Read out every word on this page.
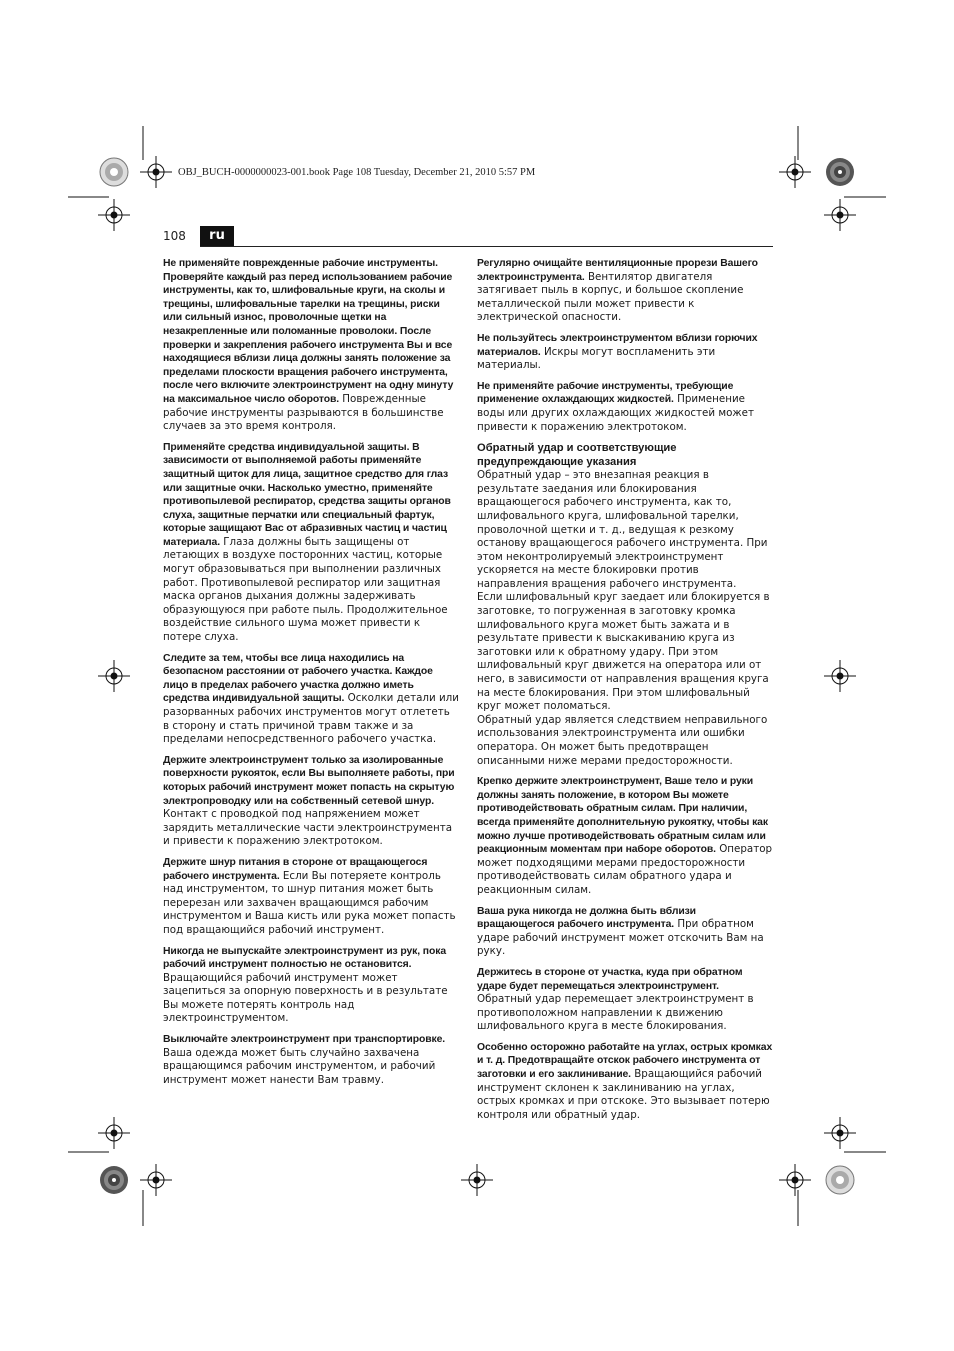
OBJ_BUCH-0000000023-001.book Page 108 Tuesday, December 21, 2010 5:57 PM
108	ru

Не применяйте поврежденные рабочие инструменты. Проверяйте каждый раз перед использованием рабочие инструменты, как то, шлифовальные круги, на сколы и трещины, шлифовальные тарелки на трещины, риски или сильный износ, проволочные щетки на незакрепленные или поломанные проволоки. После проверки и закрепления рабочего инструмента Вы и все находящиеся вблизи лица должны занять положение за пределами плоскости вращения рабочего инструмента, после чего включите электроинструмент на одну минуту на максимальное число оборотов. Поврежденные рабочие инструменты разрываются в большинстве случаев за это время контроля.

Применяйте средства индивидуальной защиты. В зависимости от выполняемой работы применяйте защитный щиток для лица, защитное средство для глаз или защитные очки. Насколько уместно, применяйте противопылевой респиратор, средства защиты органов слуха, защитные перчатки или специальный фартук, которые защищают Вас от абразивных частиц и частиц материала. Глаза должны быть защищены от летающих в воздухе посторонних частиц, которые могут образовываться при выполнении различных работ. Противопылевой респиратор или защитная маска органов дыхания должны задерживать образующуюся при работе пыль. Продолжительное воздействие сильного шума может привести к потере слуха.

Следите за тем, чтобы все лица находились на безопасном расстоянии от рабочего участка. Каждое лицо в пределах рабочего участка должно иметь средства индивидуальной защиты. Осколки детали или разорванных рабочих инструментов могут отлететь в сторону и стать причиной травм также и за пределами непосредственного рабочего участка.

Держите электроинструмент только за изолированные поверхности рукояток, если Вы выполняете работы, при которых рабочий инструмент может попасть на скрытую электропроводку или на собственный сетевой шнур. Контакт с проводкой под напряжением может зарядить металлические части электроинструмента и привести к поражению электротоком.

Держите шнур питания в стороне от вращающегося рабочего инструмента. Если Вы потеряете контроль над инструментом, то шнур питания может быть перерезан или захвачен вращающимся рабочим инструментом и Ваша кисть или рука может попасть под вращающийся рабочий инструмент.

Никогда не выпускайте электроинструмент из рук, пока рабочий инструмент полностью не остановится. Вращающийся рабочий инструмент может зацепиться за опорную поверхность и в результате Вы можете потерять контроль над электроинструментом.

Выключайте электроинструмент при транспортировке. Ваша одежда может быть случайно захвачена вращающимся рабочим инструментом, и рабочий инструмент может нанести Вам травму.

Регулярно очищайте вентиляционные прорези Вашего электроинструмента. Вентилятор двигателя затягивает пыль в корпус, и большое скопление металлической пыли может привести к электрической опасности.

Не пользуйтесь электроинструментом вблизи горючих материалов. Искры могут воспламенить эти материалы.

Не применяйте рабочие инструменты, требующие применение охлаждающих жидкостей. Применение воды или других охлаждающих жидкостей может привести к поражению электротоком.

Обратный удар и соответствующие предупреждающие указания

Обратный удар – это внезапная реакция в результате заедания или блокирования вращающегося рабочего инструмента, как то, шлифовального круга, шлифовальной тарелки, проволочной щетки и т. д., ведущая к резкому останову вращающегося рабочего инструмента. При этом неконтролируемый электроинструмент ускоряется на месте блокировки против направления вращения рабочего инструмента.

Если шлифовальный круг заедает или блокируется в заготовке, то погруженная в заготовку кромка шлифовального круга может быть зажата и в результате привести к выскакиванию круга из заготовки или к обратному удару. При этом шлифовальный круг движется на оператора или от него, в зависимости от направления вращения круга на месте блокирования. При этом шлифовальный круг может поломаться.

Обратный удар является следствием неправильного использования электроинструмента или ошибки оператора. Он может быть предотвращен описанными ниже мерами предосторожности.

Крепко держите электроинструмент, Ваше тело и руки должны занять положение, в котором Вы можете противодействовать обратным силам. При наличии, всегда применяйте дополнительную рукоятку, чтобы как можно лучше противодействовать обратным силам или реакционным моментам при наборе оборотов. Оператор может подходящими мерами предосторожности противодействовать силам обратного удара и реакционным силам.

Ваша рука никогда не должна быть вблизи вращающегося рабочего инструмента. При обратном ударе рабочий инструмент может отскочить Вам на руку.

Держитесь в стороне от участка, куда при обратном ударе будет перемещаться электроинструмент. Обратный удар перемещает электроинструмент в противоположном направлении к движению шлифовального круга в месте блокирования.

Особенно осторожно работайте на углах, острых кромках и т. д. Предотвращайте отскок рабочего инструмента от заготовки и его заклинивание. Вращающийся рабочий инструмент склонен к заклиниванию на углах, острых кромках и при отскоке. Это вызывает потерю контроля или обратный удар.
